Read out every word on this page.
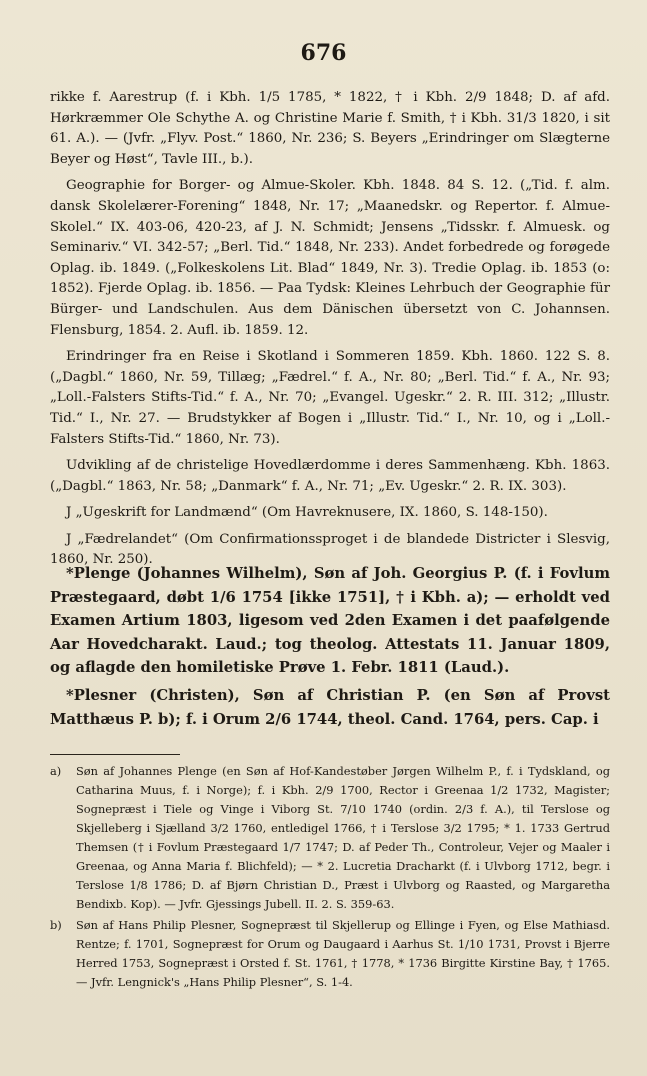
676

rikke f. Aarestrup (f. i Kbh. 1/5 1785, * 1822, † i Kbh. 2/9 1848; D. af afd. Hørkræmmer Ole Schythe A. og Christine Marie f. Smith, † i Kbh. 31/3 1820, i sit 61. A.). — (Jvfr. „Flyv. Post.“ 1860, Nr. 236; S. Beyers „Erindringer om Slægterne Beyer og Høst“, Tavle III., b.).

Geographie for Borger- og Almue-Skoler. Kbh. 1848. 84 S. 12. („Tid. f. alm. dansk Skolelærer-Forening“ 1848, Nr. 17; „Maanedskr. og Repertor. f. Almue-Skolel.“ IX. 403-06, 420-23, af J. N. Schmidt; Jensens „Tidsskr. f. Almuesk. og Seminariv.“ VI. 342-57; „Berl. Tid.“ 1848, Nr. 233). Andet forbedrede og forøgede Oplag. ib. 1849. („Folkeskolens Lit. Blad“ 1849, Nr. 3). Tredie Oplag. ib. 1853 (o: 1852). Fjerde Oplag. ib. 1856. — Paa Tydsk: Kleines Lehrbuch der Geographie für Bürger- und Landschulen. Aus dem Dänischen übersetzt von C. Johannsen. Flensburg, 1854. 2. Aufl. ib. 1859. 12.

Erindringer fra en Reise i Skotland i Sommeren 1859. Kbh. 1860. 122 S. 8. („Dagbl.“ 1860, Nr. 59, Tillæg; „Fædrel.“ f. A., Nr. 80; „Berl. Tid.“ f. A., Nr. 93; „Loll.-Falsters Stifts-Tid.“ f. A., Nr. 70; „Evangel. Ugeskr.“ 2. R. III. 312; „Illustr. Tid.“ I., Nr. 27. — Brudstykker af Bogen i „Illustr. Tid.“ I., Nr. 10, og i „Loll.-Falsters Stifts-Tid.“ 1860, Nr. 73).

Udvikling af de christelige Hovedlærdomme i deres Sammenhæng. Kbh. 1863. („Dagbl.“ 1863, Nr. 58; „Danmark“ f. A., Nr. 71; „Ev. Ugeskr.“ 2. R. IX. 303).

J „Ugeskrift for Landmænd“ (Om Havreknusere, IX. 1860, S. 148-150).

J „Fædrelandet“ (Om Confirmationssproget i de blandede Districter i Slesvig, 1860, Nr. 250).

*Plenge (Johannes Wilhelm), Søn af Joh. Georgius P. (f. i Fovlum Præstegaard, døbt 1/6 1754 [ikke 1751], † i Kbh. a); — erholdt ved Examen Artium 1803, ligesom ved 2den Examen i det paafølgende Aar Hovedcharakt. Laud.; tog theolog. Attestats 11. Januar 1809, og aflagde den homiletiske Prøve 1. Febr. 1811 (Laud.).

*Plesner (Christen), Søn af Christian P. (en Søn af Provst Matthæus P. b); f. i Orum 2/6 1744, theol. Cand. 1764, pers. Cap. i

a) Søn af Johannes Plenge (en Søn af Hof-Kandestøber Jørgen Wilhelm P., f. i Tydskland, og Catharina Muus, f. i Norge); f. i Kbh. 2/9 1700, Rector i Greenaa 1/2 1732, Magister; Sognepræst i Tiele og Vinge i Viborg St. 7/10 1740 (ordin. 2/3 f. A.), til Terslose og Skjelleberg i Sjælland 3/2 1760, entledigel 1766, † i Terslose 3/2 1795; * 1. 1733 Gertrud Themsen († i Fovlum Præstegaard 1/7 1747; D. af Peder Th., Controleur, Vejer og Maaler i Greenaa, og Anna Maria f. Blichfeld); — * 2. Lucretia Dracharkt (f. i Ulvborg 1712, begr. i Terslose 1/8 1786; D. af Bjørn Christian D., Præst i Ulvborg og Raasted, og Margaretha Bendixb. Kop). — Jvfr. Gjessings Jubell. II. 2. S. 359-63.

b) Søn af Hans Philip Plesner, Sognepræst til Skjellerup og Ellinge i Fyen, og Else Mathiasd. Rentze; f. 1701, Sognepræst for Orum og Daugaard i Aarhus St. 1/10 1731, Provst i Bjerre Herred 1753, Sognepræst i Orsted f. St. 1761, † 1778, * 1736 Birgitte Kirstine Bay, † 1765. — Jvfr. Lengnick's „Hans Philip Plesner“, S. 1-4.
